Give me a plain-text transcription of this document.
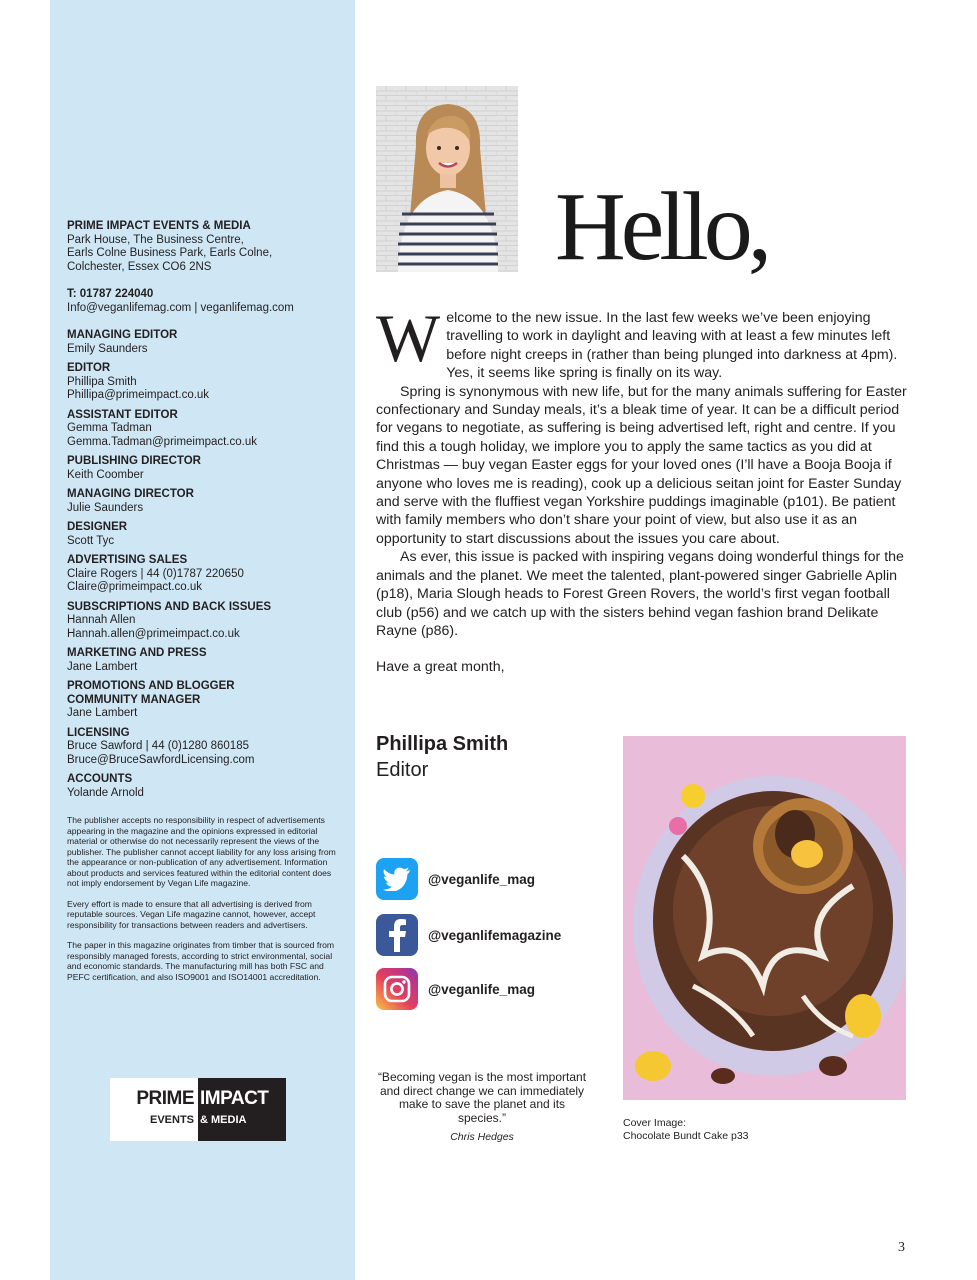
PRIME IMPACT EVENTS & MEDIA
Park House, The Business Centre,
Earls Colne Business Park, Earls Colne,
Colchester, Essex CO6 2NS
T: 01787 224040
Info@veganlifemag.com | veganlifemag.com
MANAGING EDITOR
Emily Saunders
EDITOR
Phillipa Smith
Phillipa@primeimpact.co.uk
ASSISTANT EDITOR
Gemma Tadman
Gemma.Tadman@primeimpact.co.uk
PUBLISHING DIRECTOR
Keith Coomber
MANAGING DIRECTOR
Julie Saunders
DESIGNER
Scott Tyc
ADVERTISING SALES
Claire Rogers | 44 (0)1787 220650
Claire@primeimpact.co.uk
SUBSCRIPTIONS AND BACK ISSUES
Hannah Allen
Hannah.allen@primeimpact.co.uk
MARKETING AND PRESS
Jane Lambert
PROMOTIONS AND BLOGGER
COMMUNITY MANAGER
Jane Lambert
LICENSING
Bruce Sawford | 44 (0)1280 860185
Bruce@BruceSawfordLicensing.com
ACCOUNTS
Yolande Arnold

The publisher accepts no responsibility in respect of advertisements appearing in the magazine and the opinions expressed in editorial material or otherwise do not necessarily represent the views of the publisher. The publisher cannot accept liability for any loss arising from the appearance or non-publication of any advertisement. Information about products and services featured within the editorial content does not imply endorsement by Vegan Life magazine.

Every effort is made to ensure that all advertising is derived from reputable sources. Vegan Life magazine cannot, however, accept responsibility for transactions between readers and advertisers.

The paper in this magazine originates from timber that is sourced from responsibly managed forests, according to strict environmental, social and economic standards. The manufacturing mill has both FSC and PEFC certification, and also ISO9001 and ISO14001 accreditation.

PRIME
EVENTS
IMPACT
& MEDIA
Hello,

Welcome to the new issue. In the last few weeks we’ve been enjoying travelling to work in daylight and leaving with at least a few minutes left before night creeps in (rather than being plunged into darkness at 4pm). Yes, it seems like spring is finally on its way.

Spring is synonymous with new life, but for the many animals suffering for Easter confectionary and Sunday meals, it’s a bleak time of year. It can be a difficult period for vegans to negotiate, as suffering is being advertised left, right and centre. If you find this a tough holiday, we implore you to apply the same tactics as you did at Christmas — buy vegan Easter eggs for your loved ones (I’ll have a Booja Booja if anyone who loves me is reading), cook up a delicious seitan joint for Easter Sunday and serve with the fluffiest vegan Yorkshire puddings imaginable (p101). Be patient with family members who don’t share your point of view, but also use it as an opportunity to start discussions about the issues you care about.

As ever, this issue is packed with inspiring vegans doing wonderful things for the animals and the planet. We meet the talented, plant-powered singer Gabrielle Aplin (p18), Maria Slough heads to Forest Green Rovers, the world’s first vegan football club (p56) and we catch up with the sisters behind vegan fashion brand Delikate Rayne (p86).

Have a great month,

Phillipa Smith
Editor
@veganlife_mag
@veganlifemagazine
@veganlife_mag
“Becoming vegan is the most important and direct change we can immediately make to save the planet and its species.”
Chris Hedges
Cover Image:
Chocolate Bundt Cake p33
3
